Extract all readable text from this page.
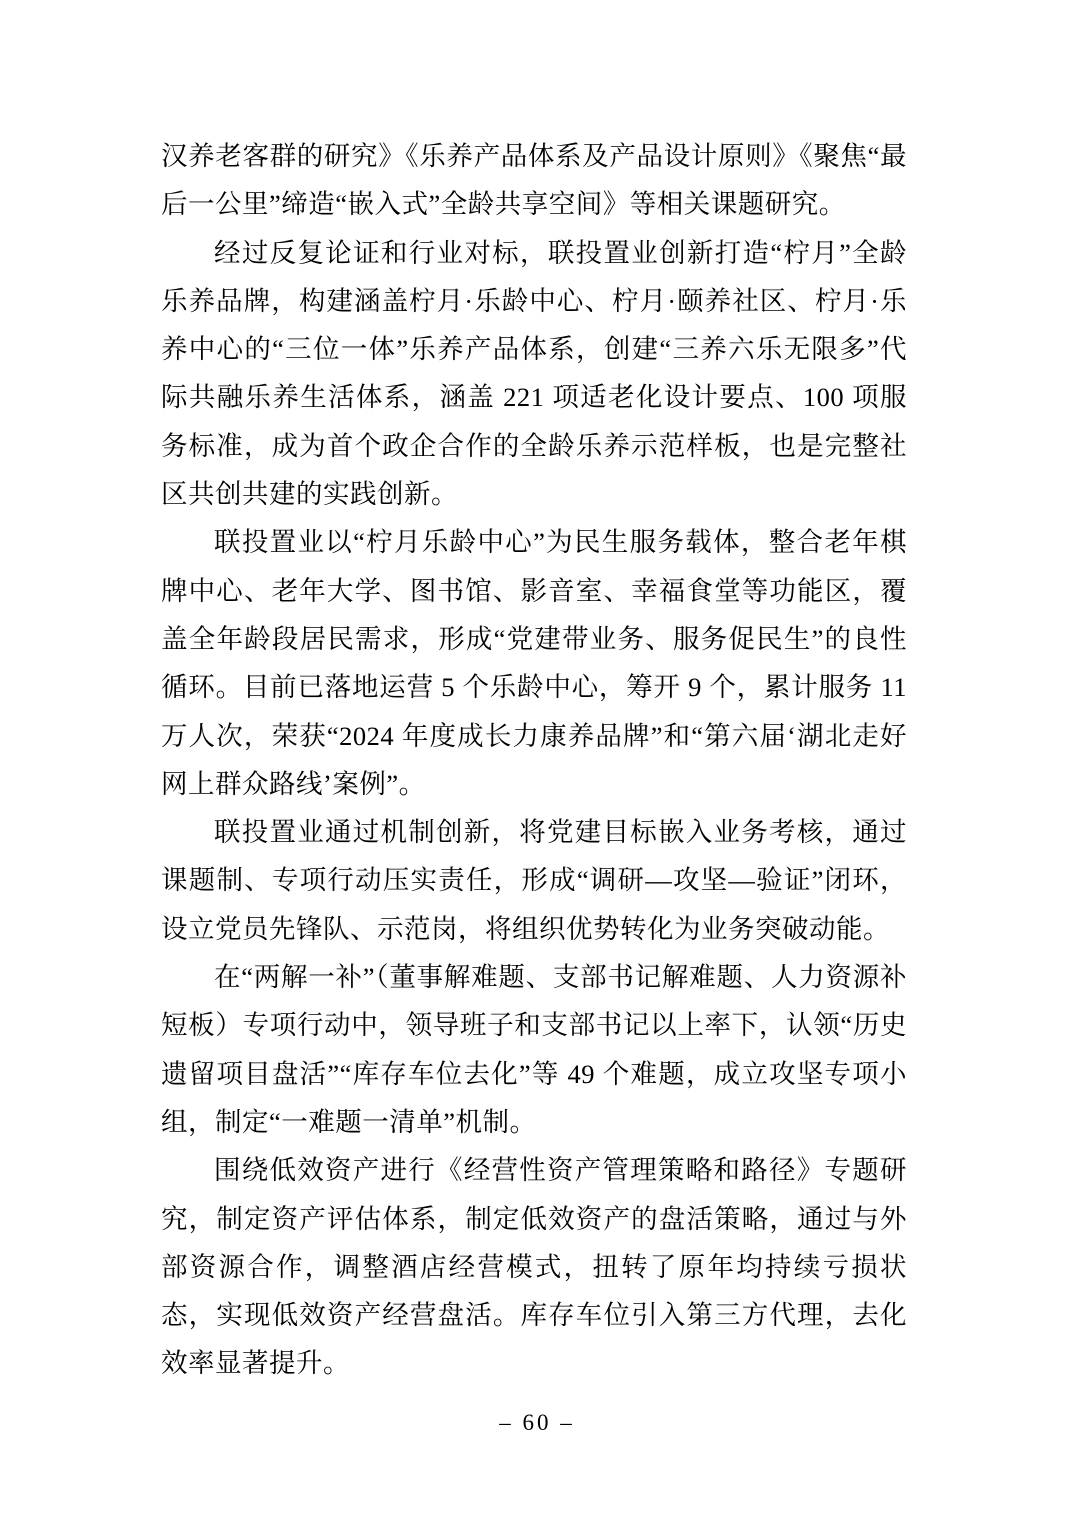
汉养老客群的研究》《乐养产品体系及产品设计原则》《聚焦“最后一公里”缔造“嵌入式”全龄共享空间》等相关课题研究。

经过反复论证和行业对标，联投置业创新打造“柠月”全龄乐养品牌，构建涵盖柠月·乐龄中心、柠月·颐养社区、柠月·乐养中心的“三位一体”乐养产品体系，创建“三养六乐无限多”代际共融乐养生活体系，涵盖 221 项适老化设计要点、100 项服务标准，成为首个政企合作的全龄乐养示范样板，也是完整社区共创共建的实践创新。

联投置业以“柠月乐龄中心”为民生服务载体，整合老年棋牌中心、老年大学、图书馆、影音室、幸福食堂等功能区，覆盖全年龄段居民需求，形成“党建带业务、服务促民生”的良性循环。目前已落地运营 5 个乐龄中心，筹开 9 个，累计服务 11 万人次，荣获“2024 年度成长力康养品牌”和“第六届‘湖北走好网上群众路线’案例”。

联投置业通过机制创新，将党建目标嵌入业务考核，通过课题制、专项行动压实责任，形成“调研—攻坚—验证”闭环，设立党员先锋队、示范岗，将组织优势转化为业务突破动能。

在“两解一补”（董事解难题、支部书记解难题、人力资源补短板）专项行动中，领导班子和支部书记以上率下，认领“历史遗留项目盘活”“库存车位去化”等 49 个难题，成立攻坚专项小组，制定“一难题一清单”机制。

围绕低效资产进行《经营性资产管理策略和路径》专题研究，制定资产评估体系，制定低效资产的盘活策略，通过与外部资源合作，调整酒店经营模式，扭转了原年均持续亏损状态，实现低效资产经营盘活。库存车位引入第三方代理，去化效率显著提升。

– 60 –
